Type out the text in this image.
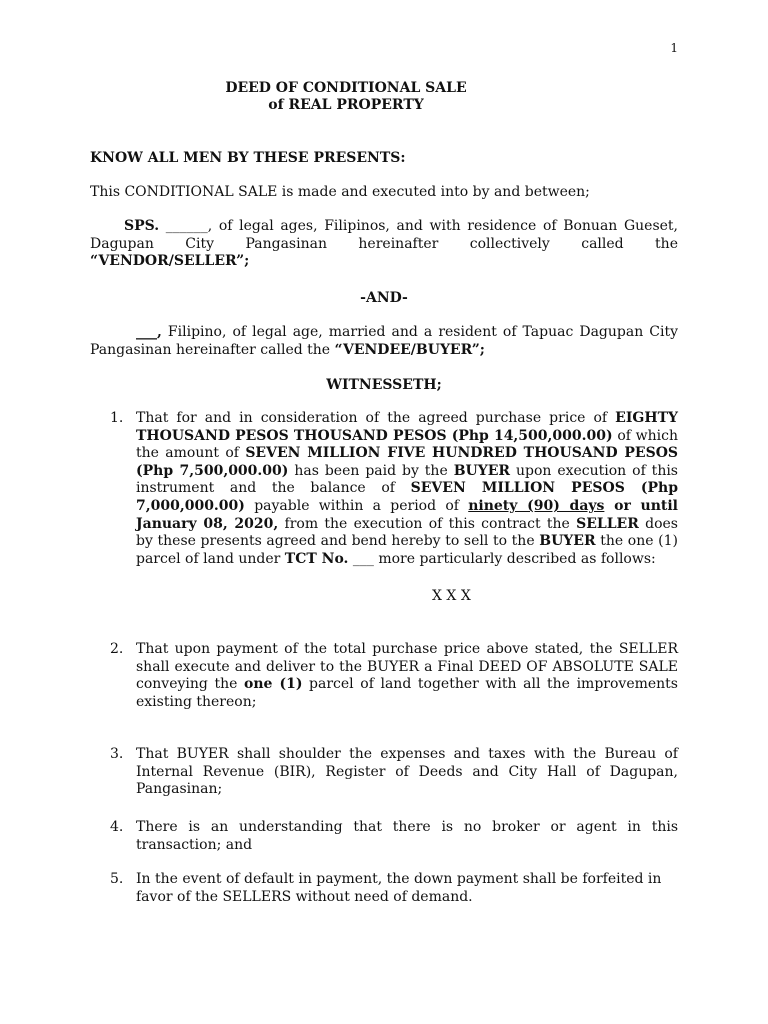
1
DEED OF CONDITIONAL SALE
of REAL PROPERTY
KNOW ALL MEN BY THESE PRESENTS:
This CONDITIONAL SALE is made and executed into by and between;
SPS. ______, of legal ages, Filipinos, and with residence of Bonuan Gueset,
Dagupan City Pangasinan hereinafter collectively called the
“VENDOR/SELLER”;
-AND-
___, Filipino, of legal age, married and a resident of Tapuac Dagupan City
Pangasinan hereinafter called the “VENDEE/BUYER”;
WITNESSETH;
1. That for and in consideration of the agreed purchase price of EIGHTY THOUSAND PESOS THOUSAND PESOS (Php 14,500,000.00) of which the amount of SEVEN MILLION FIVE HUNDRED THOUSAND PESOS (Php 7,500,000.00) has been paid by the BUYER upon execution of this instrument and the balance of SEVEN MILLION PESOS (Php 7,000,000.00) payable within a period of ninety (90) days or until January 08, 2020, from the execution of this contract the SELLER does by these presents agreed and bend hereby to sell to the BUYER the one (1) parcel of land under TCT No. ___ more particularly described as follows:
X X X
2. That upon payment of the total purchase price above stated, the SELLER shall execute and deliver to the BUYER a Final DEED OF ABSOLUTE SALE conveying the one (1) parcel of land together with all the improvements existing thereon;
3. That BUYER shall shoulder the expenses and taxes with the Bureau of Internal Revenue (BIR), Register of Deeds and City Hall of Dagupan, Pangasinan;
4. There is an understanding that there is no broker or agent in this transaction; and
5. In the event of default in payment, the down payment shall be forfeited in favor of the SELLERS without need of demand.
